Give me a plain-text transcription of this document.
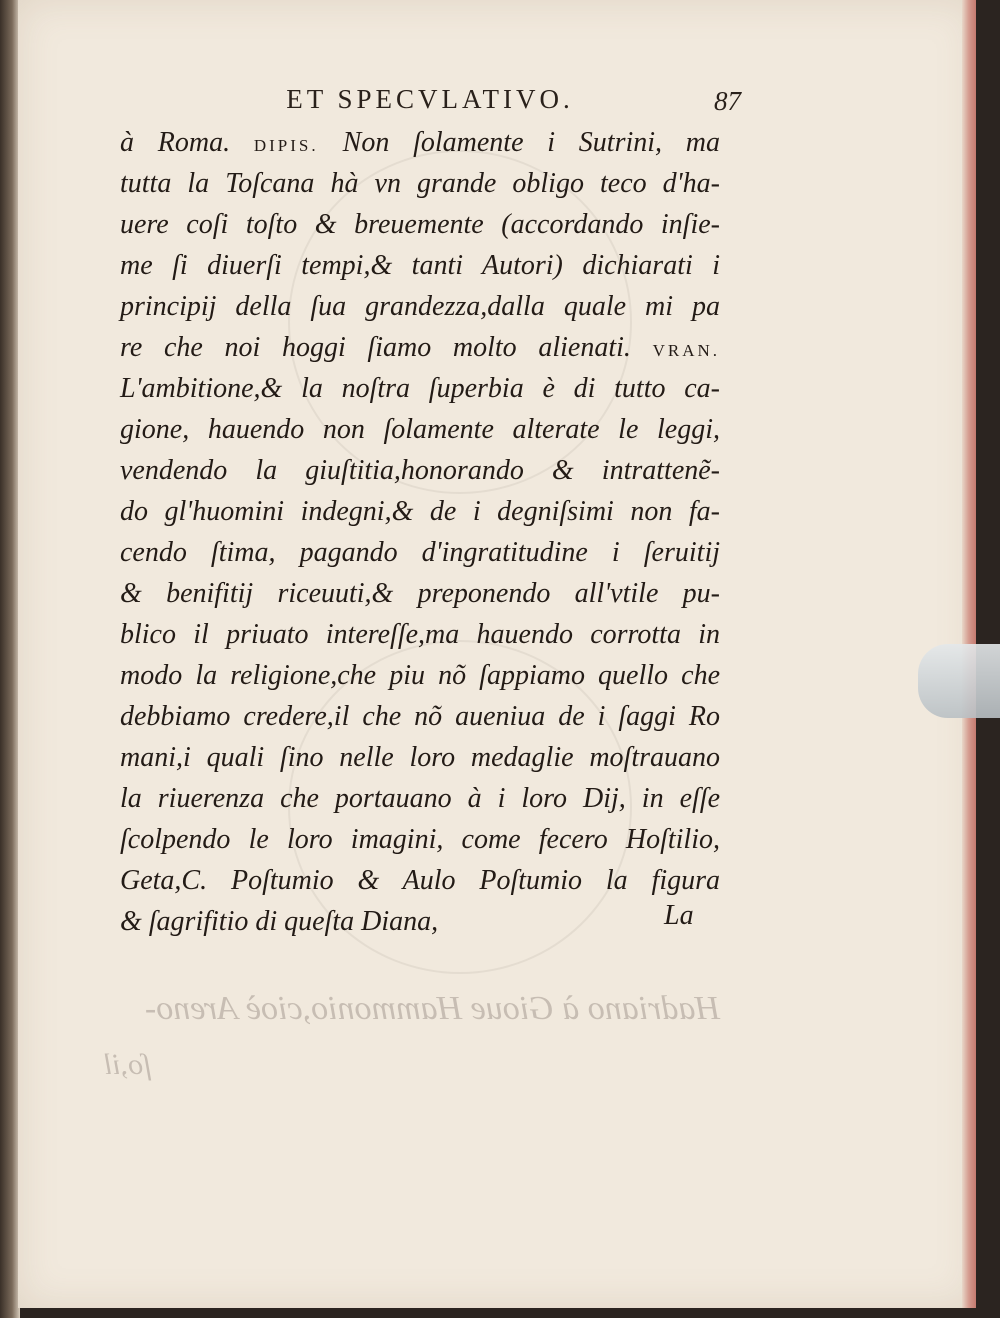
ET SPECVLATIVO.	87
à Roma. DIPIS. Non ſolamente i Sutrini, ma
tutta la Toſcana hà vn grande obligo teco d'ha-
uere coſi toſto & breuemente (accordando inſie-
me ſi diuerſi tempi,& tanti Autori) dichiarati i
principij della ſua grandezza,dalla quale mi pa
re che noi hoggi ſiamo molto alienati. VRAN.
L'ambitione,& la noſtra ſuperbia è di tutto ca-
gione, hauendo non ſolamente alterate le leggi,
vendendo la giuſtitia,honorando & intrattenẽ-
do gl'huomini indegni,& de i degniſsimi non fa-
cendo ſtima, pagando d'ingratitudine i ſeruitij
& benifitij riceuuti,& preponendo all'vtile pu-
blico il priuato intereſſe,ma hauendo corrotta in
modo la religione,che piu nõ ſappiamo quello che
debbiamo credere,il che nõ aueniua de i ſaggi Ro
mani,i quali ſino nelle loro medaglie moſtrauano
la riuerenza che portauano à i loro Dij, in eſſe
ſcolpendo le loro imagini, come fecero Hoſtilio,
Geta,C. Poſtumio & Aulo Poſtumio la figura
& ſagrifitio di queſta Diana,	La
Hadriano à Gioue Hammonio,cioè Areno-
ſo,il
